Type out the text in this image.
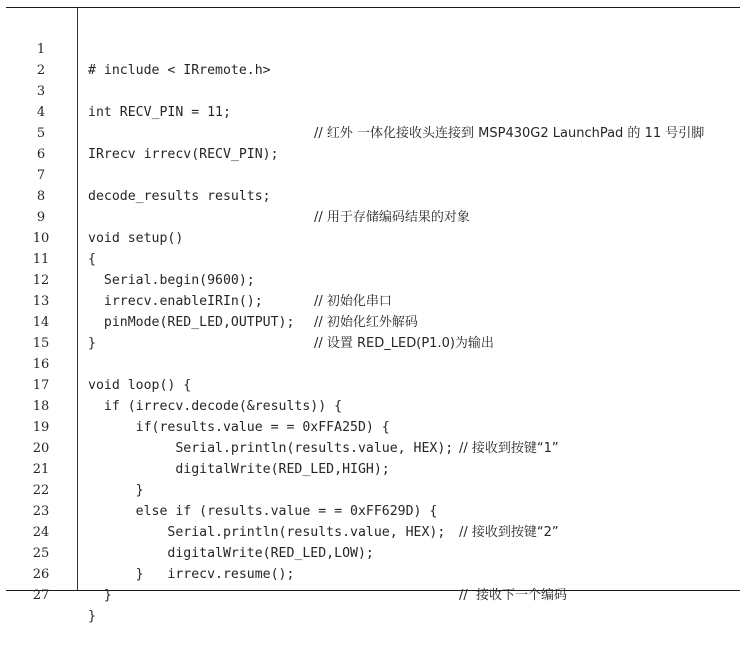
1

# include < IRremote.h>

2

3

int RECV_PIN = 11;

// 红外 一体化接收头连接到 MSP430G2 LaunchPad 的 11 号引脚

4

5

IRrecv irrecv(RECV_PIN);

6

7

decode_results results;

// 用于存储编码结果的对象

8

9

void setup()

10

{

11

Serial.begin(9600);

// 初始化串口

12

irrecv.enableIRIn();

// 初始化红外解码

13

pinMode(RED_LED,OUTPUT);

// 设置 RED_LED(P1.0)为输出

14

}

15

16

void loop() {

17

if (irrecv.decode(&results)) {

18

if(results.value = = 0xFFA25D) {

// 接收到按键“1”

19

Serial.println(results.value, HEX);

20

digitalWrite(RED_LED,HIGH);

21

}

22

else if (results.value = = 0xFF629D) {

// 接收到按键“2”

23

Serial.println(results.value, HEX);

24

digitalWrite(RED_LED,LOW);

25

}   irrecv.resume();

//  接收下一个编码

26

}

27

}
